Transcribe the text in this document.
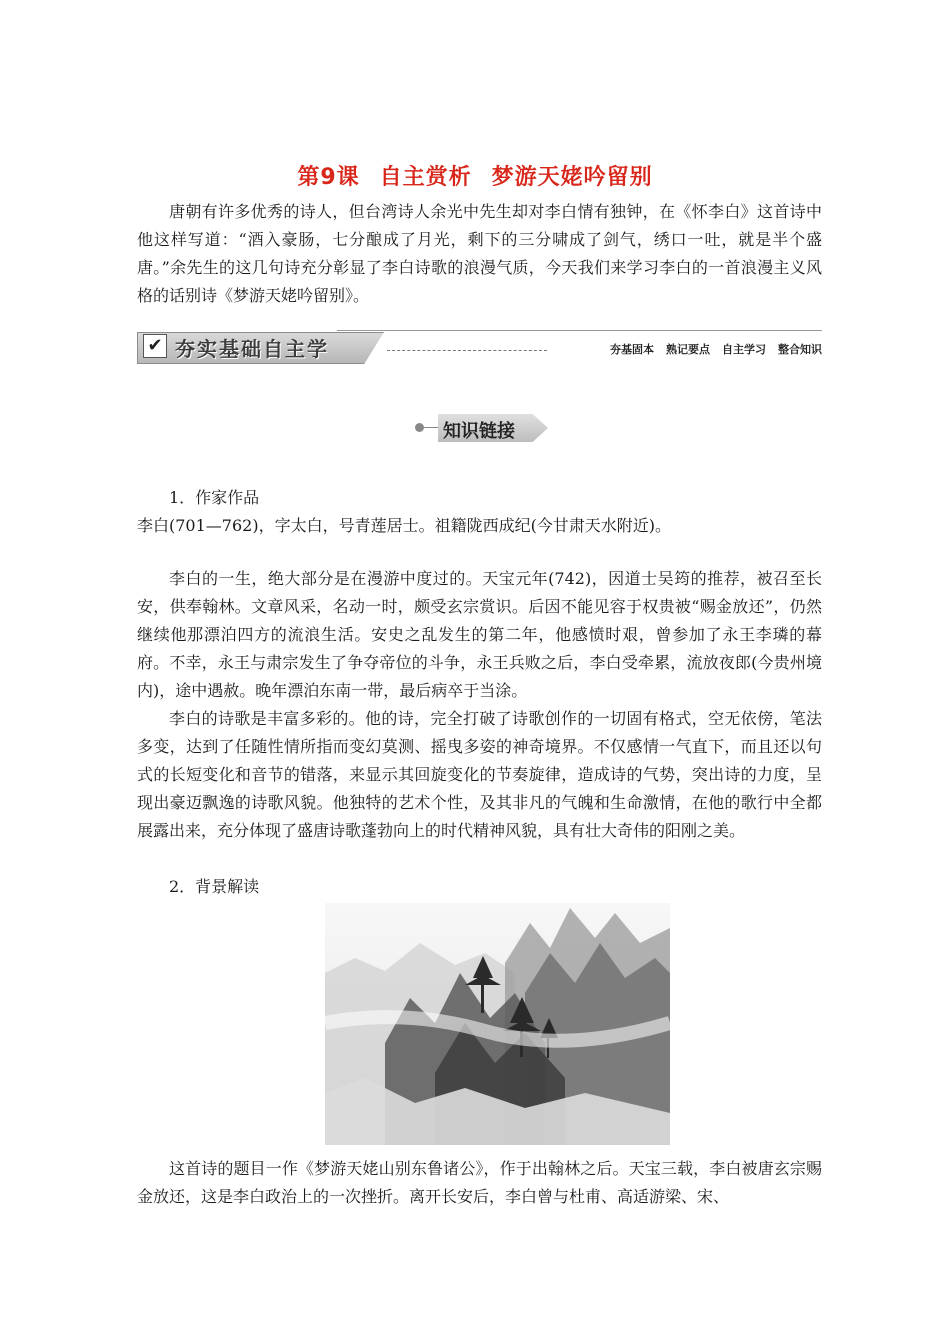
第9课 自主赏析 梦游天姥吟留别

唐朝有许多优秀的诗人，但台湾诗人余光中先生却对李白情有独钟，在《怀李白》这首诗中他这样写道：“酒入豪肠，七分酿成了月光，剩下的三分啸成了剑气，绣口一吐，就是半个盛唐。”余先生的这几句诗充分彰显了李白诗歌的浪漫气质，今天我们来学习李白的一首浪漫主义风格的话别诗《梦游天姥吟留别》。

✔ 夯实基础自主学	夯基固本 熟记要点 自主学习 整合知识
知识链接

1．作家作品

李白(701—762)，字太白，号青莲居士。祖籍陇西成纪(今甘肃天水附近)。

李白的一生，绝大部分是在漫游中度过的。天宝元年(742)，因道士吴筠的推荐，被召至长安，供奉翰林。文章风采，名动一时，颇受玄宗赏识。后因不能见容于权贵被“赐金放还”，仍然继续他那漂泊四方的流浪生活。安史之乱发生的第二年，他感愤时艰，曾参加了永王李璘的幕府。不幸，永王与肃宗发生了争夺帝位的斗争，永王兵败之后，李白受牵累，流放夜郎(今贵州境内)，途中遇赦。晚年漂泊东南一带，最后病卒于当涂。

李白的诗歌是丰富多彩的。他的诗，完全打破了诗歌创作的一切固有格式，空无依傍，笔法多变，达到了任随性情所指而变幻莫测、摇曳多姿的神奇境界。不仅感情一气直下，而且还以句式的长短变化和音节的错落，来显示其回旋变化的节奏旋律，造成诗的气势，突出诗的力度，呈现出豪迈飘逸的诗歌风貌。他独特的艺术个性，及其非凡的气魄和生命激情，在他的歌行中全都展露出来，充分体现了盛唐诗歌蓬勃向上的时代精神风貌，具有壮大奇伟的阳刚之美。

2．背景解读

这首诗的题目一作《梦游天姥山别东鲁诸公》，作于出翰林之后。天宝三载，李白被唐玄宗赐金放还，这是李白政治上的一次挫折。离开长安后，李白曾与杜甫、高适游梁、宋、
